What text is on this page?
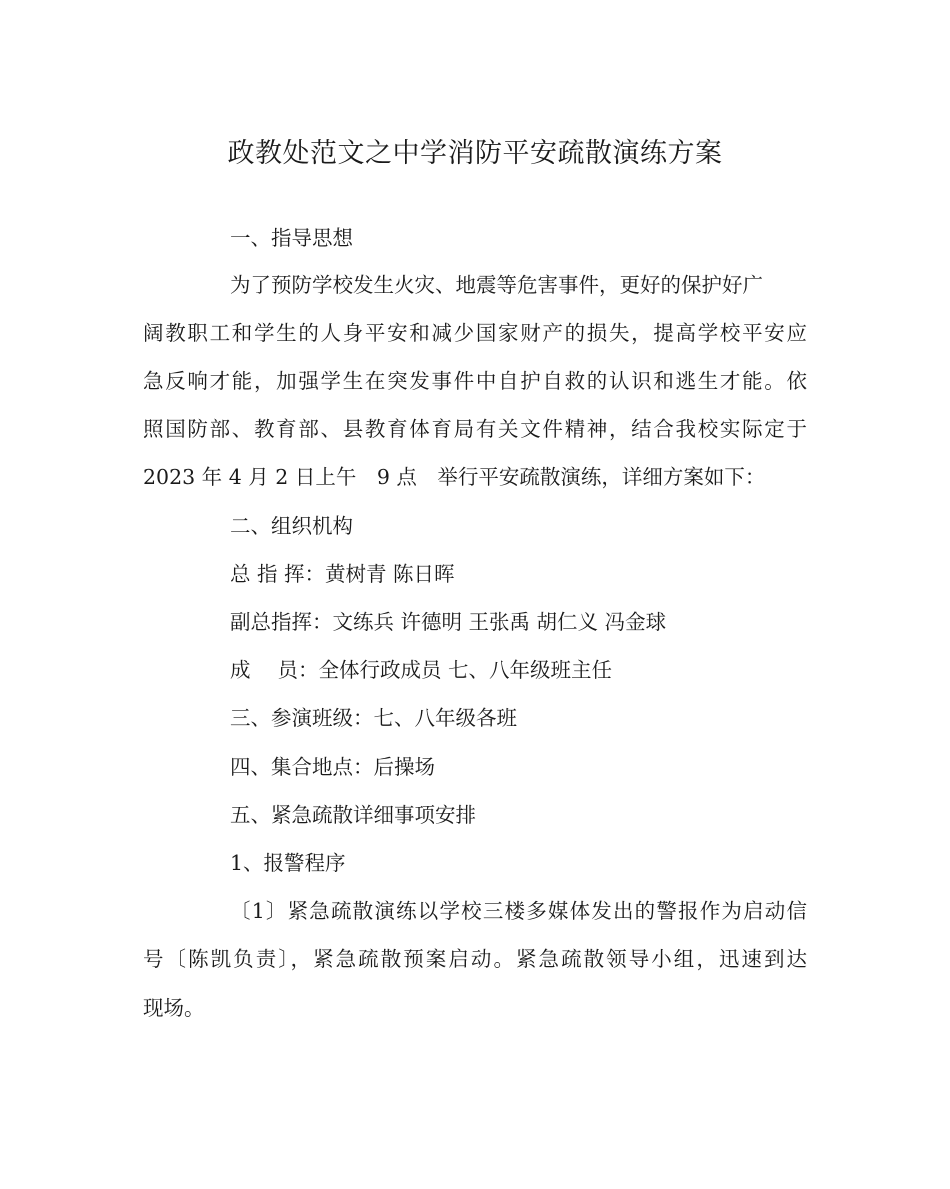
政教处范文之中学消防平安疏散演练方案
一、指导思想
为了预防学校发生火灾、地震等危害事件，更好的保护好广
阔教职工和学生的人身平安和减少国家财产的损失，提高学校平安应
急反响才能，加强学生在突发事件中自护自救的认识和逃生才能。依
照国防部、教育部、县教育体育局有关文件精神，结合我校实际定于
2023 年 4 月 2 日上午　9 点　举行平安疏散演练，详细方案如下：
二、组织机构
总 指 挥：黄树青 陈日晖
副总指挥：文练兵 许德明 王张禹 胡仁义 冯金球
成　 员：全体行政成员 七、八年级班主任
三、参演班级：七、八年级各班
四、集合地点：后操场
五、紧急疏散详细事项安排
1、报警程序
〔1〕紧急疏散演练以学校三楼多媒体发出的警报作为启动信
号〔陈凯负责〕，紧急疏散预案启动。紧急疏散领导小组，迅速到达
现场。
